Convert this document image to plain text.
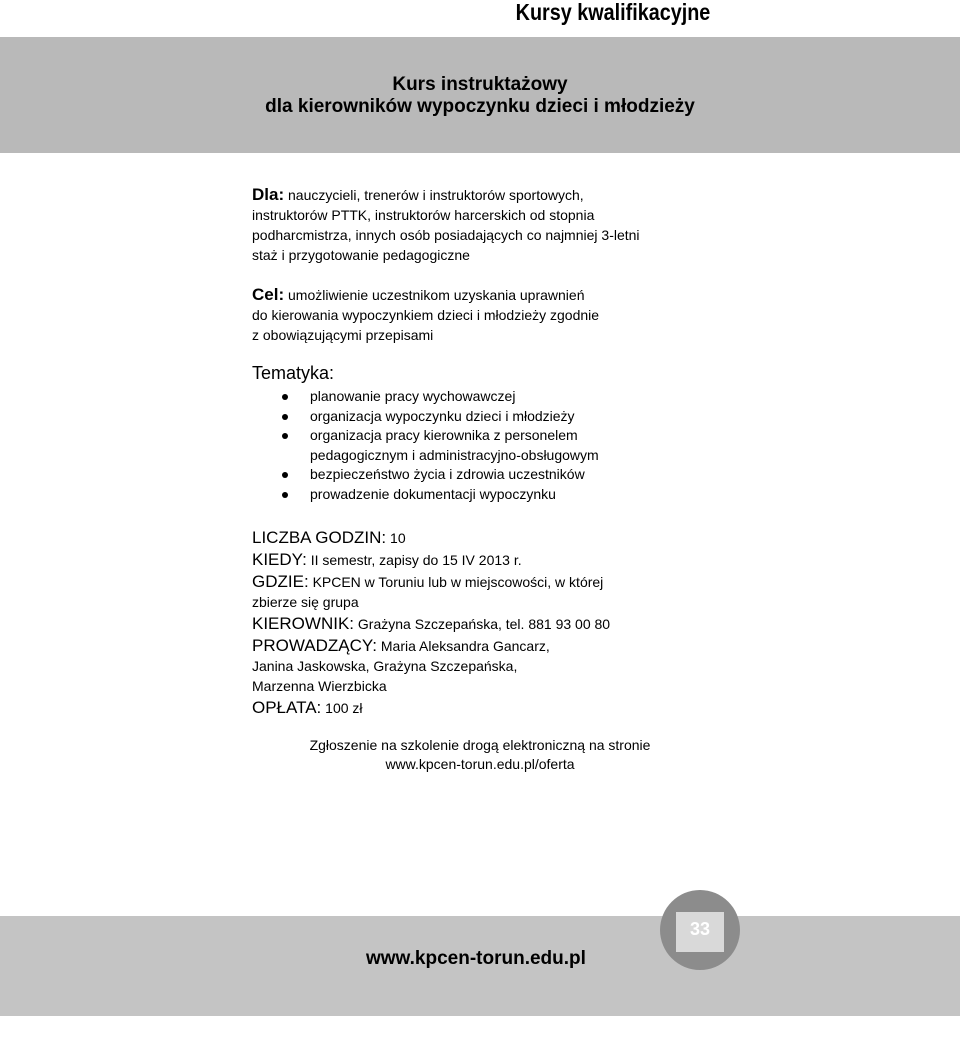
Kursy kwalifikacyjne
Kurs instruktażowy
dla kierowników wypoczynku dzieci i młodzieży
Dla: nauczycieli, trenerów i instruktorów sportowych,
instruktorów PTTK, instruktorów harcerskich od stopnia
podharcmistrza, innych osób posiadających co najmniej 3-letni
staż i przygotowanie pedagogiczne
Cel: umożliwienie uczestnikom uzyskania uprawnień
do kierowania wypoczynkiem dzieci i młodzieży zgodnie
z obowiązującymi przepisami
Tematyka:
planowanie pracy wychowawczej
organizacja wypoczynku dzieci i młodzieży
organizacja pracy kierownika z personelem
pedagogicznym i administracyjno-obsługowym
bezpieczeństwo życia i zdrowia uczestników
prowadzenie dokumentacji wypoczynku
LICZBA GODZIN: 10
KIEDY: II semestr, zapisy do 15 IV 2013 r.
GDZIE: KPCEN w Toruniu lub w miejscowości, w której
zbierze się grupa
KIEROWNIK: Grażyna Szczepańska, tel. 881 93 00 80
PROWADZĄCY: Maria Aleksandra Gancarz,
Janina Jaskowska, Grażyna Szczepańska,
Marzenna Wierzbicka
OPŁATA: 100 zł
Zgłoszenie na szkolenie drogą elektroniczną na stronie
www.kpcen-torun.edu.pl/oferta
www.kpcen-torun.edu.pl
33
